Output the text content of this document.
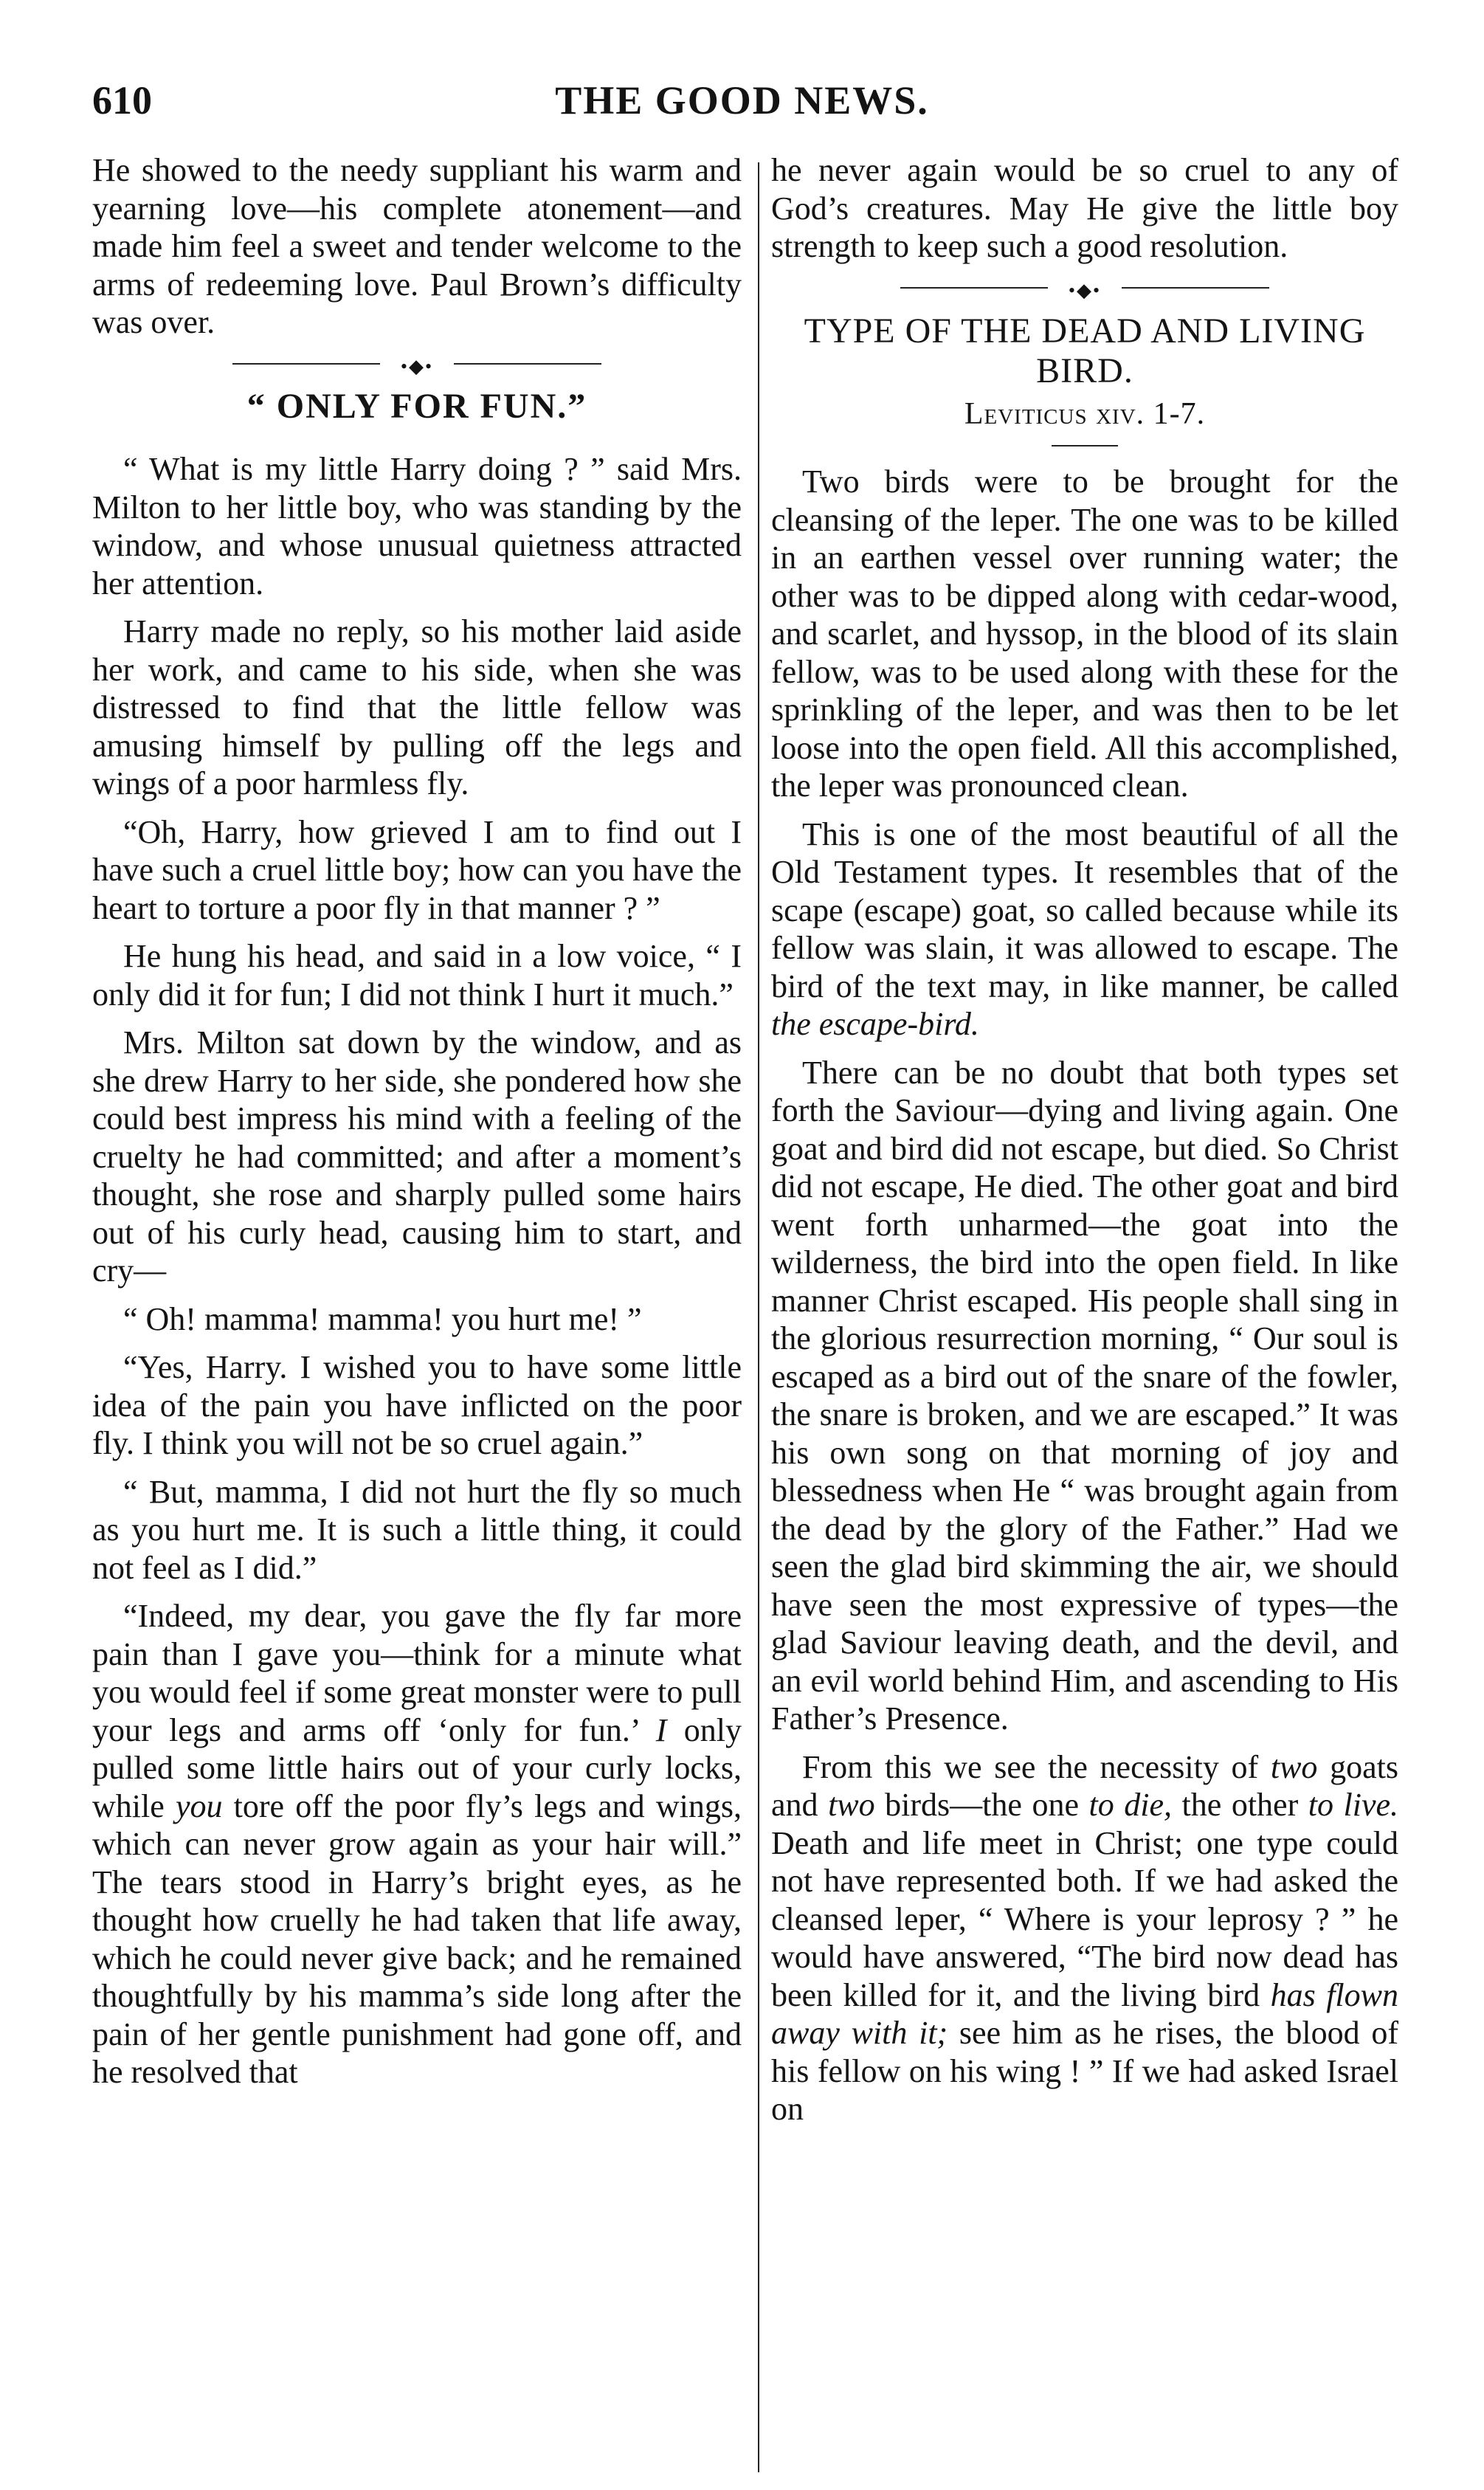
610	THE GOOD NEWS.

He showed to the needy suppliant his warm and yearning love—his complete atonement—and made him feel a sweet and tender welcome to the arms of redeeming love. Paul Brown’s difficulty was over.

•◆•
“ ONLY FOR FUN.”

“ What is my little Harry doing ? ” said Mrs. Milton to her little boy, who was standing by the window, and whose unusual quietness attracted her attention.

Harry made no reply, so his mother laid aside her work, and came to his side, when she was distressed to find that the little fellow was amusing himself by pulling off the legs and wings of a poor harmless fly.

“Oh, Harry, how grieved I am to find out I have such a cruel little boy; how can you have the heart to torture a poor fly in that manner ? ”

He hung his head, and said in a low voice, “ I only did it for fun; I did not think I hurt it much.”

Mrs. Milton sat down by the window, and as she drew Harry to her side, she pondered how she could best impress his mind with a feeling of the cruelty he had committed; and after a moment’s thought, she rose and sharply pulled some hairs out of his curly head, causing him to start, and cry—

“ Oh! mamma! mamma! you hurt me! ”

“Yes, Harry. I wished you to have some little idea of the pain you have inflicted on the poor fly. I think you will not be so cruel again.”

“ But, mamma, I did not hurt the fly so much as you hurt me. It is such a little thing, it could not feel as I did.”

“Indeed, my dear, you gave the fly far more pain than I gave you—think for a minute what you would feel if some great monster were to pull your legs and arms off ‘only for fun.’ I only pulled some little hairs out of your curly locks, while you tore off the poor fly’s legs and wings, which can never grow again as your hair will.” The tears stood in Harry’s bright eyes, as he thought how cruelly he had taken that life away, which he could never give back; and he remained thoughtfully by his mamma’s side long after the pain of her gentle punishment had gone off, and he resolved that

he never again would be so cruel to any of God’s creatures. May He give the little boy strength to keep such a good resolution.

•◆•
TYPE OF THE DEAD AND LIVING
BIRD.
Leviticus xiv. 1-7.

Two birds were to be brought for the cleansing of the leper. The one was to be killed in an earthen vessel over running water; the other was to be dipped along with cedar-wood, and scarlet, and hyssop, in the blood of its slain fellow, was to be used along with these for the sprinkling of the leper, and was then to be let loose into the open field. All this accomplished, the leper was pronounced clean.

This is one of the most beautiful of all the Old Testament types. It resembles that of the scape (escape) goat, so called because while its fellow was slain, it was allowed to escape. The bird of the text may, in like manner, be called the escape-bird.

There can be no doubt that both types set forth the Saviour—dying and living again. One goat and bird did not escape, but died. So Christ did not escape, He died. The other goat and bird went forth unharmed—the goat into the wilderness, the bird into the open field. In like manner Christ escaped. His people shall sing in the glorious resurrection morning, “ Our soul is escaped as a bird out of the snare of the fowler, the snare is broken, and we are escaped.” It was his own song on that morning of joy and blessedness when He “ was brought again from the dead by the glory of the Father.” Had we seen the glad bird skimming the air, we should have seen the most expressive of types—the glad Saviour leaving death, and the devil, and an evil world behind Him, and ascending to His Father’s Presence.

From this we see the necessity of two goats and two birds—the one to die, the other to live. Death and life meet in Christ; one type could not have represented both. If we had asked the cleansed leper, “ Where is your leprosy ? ” he would have answered, “The bird now dead has been killed for it, and the living bird has flown away with it; see him as he rises, the blood of his fellow on his wing ! ” If we had asked Israel on
